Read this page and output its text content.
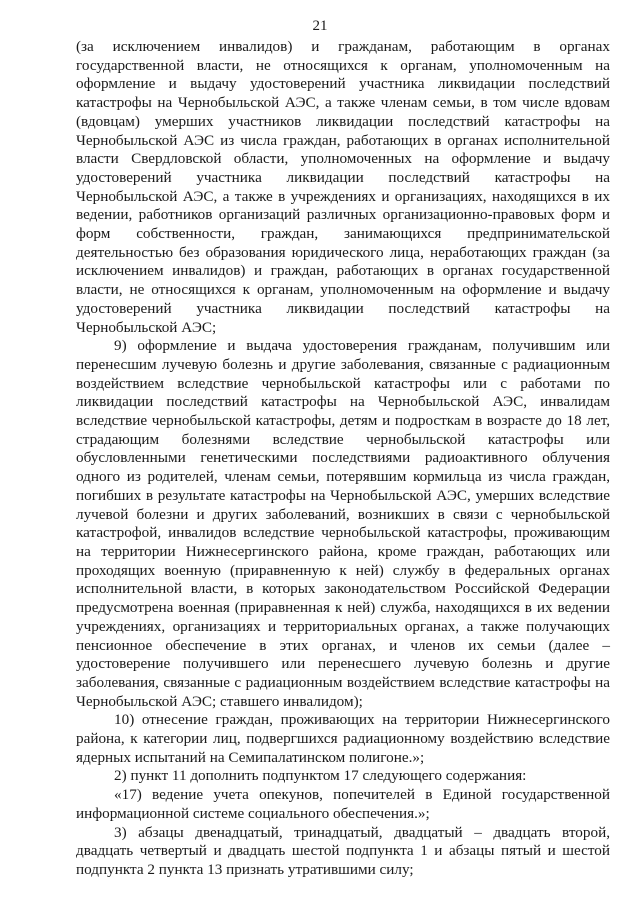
21

(за исключением инвалидов) и гражданам, работающим в органах государственной власти, не относящихся к органам, уполномоченным на оформление и выдачу удостоверений участника ликвидации последствий катастрофы на Чернобыльской АЭС, а также членам семьи, в том числе вдовам (вдовцам) умерших участников ликвидации последствий катастрофы на Чернобыльской АЭС из числа граждан, работающих в органах исполнительной власти Свердловской области, уполномоченных на оформление и выдачу удостоверений участника ликвидации последствий катастрофы на Чернобыльской АЭС, а также в учреждениях и организациях, находящихся в их ведении, работников организаций различных организационно-правовых форм и форм собственности, граждан, занимающихся предпринимательской деятельностью без образования юридического лица, неработающих граждан (за исключением инвалидов) и граждан, работающих в органах государственной власти, не относящихся к органам, уполномоченным на оформление и выдачу удостоверений участника ликвидации последствий катастрофы на Чернобыльской АЭС;

9) оформление и выдача удостоверения гражданам, получившим или перенесшим лучевую болезнь и другие заболевания, связанные с радиационным воздействием вследствие чернобыльской катастрофы или с работами по ликвидации последствий катастрофы на Чернобыльской АЭС, инвалидам вследствие чернобыльской катастрофы, детям и подросткам в возрасте до 18 лет, страдающим болезнями вследствие чернобыльской катастрофы или обусловленными генетическими последствиями радиоактивного облучения одного из родителей, членам семьи, потерявшим кормильца из числа граждан, погибших в результате катастрофы на Чернобыльской АЭС, умерших вследствие лучевой болезни и других заболеваний, возникших в связи с чернобыльской катастрофой, инвалидов вследствие чернобыльской катастрофы, проживающим на территории Нижнесергинского района, кроме граждан, работающих или проходящих военную (приравненную к ней) службу в федеральных органах исполнительной власти, в которых законодательством Российской Федерации предусмотрена военная (приравненная к ней) служба, находящихся в их ведении учреждениях, организациях и территориальных органах, а также получающих пенсионное обеспечение в этих органах, и членов их семьи (далее – удостоверение получившего или перенесшего лучевую болезнь и другие заболевания, связанные с радиационным воздействием вследствие катастрофы на Чернобыльской АЭС; ставшего инвалидом);

10) отнесение граждан, проживающих на территории Нижнесергинского района, к категории лиц, подвергшихся радиационному воздействию вследствие ядерных испытаний на Семипалатинском полигоне.»;

2) пункт 11 дополнить подпунктом 17 следующего содержания:

«17) ведение учета опекунов, попечителей в Единой государственной информационной системе социального обеспечения.»;

3) абзацы двенадцатый, тринадцатый, двадцатый – двадцать второй, двадцать четвертый и двадцать шестой подпункта 1 и абзацы пятый и шестой подпункта 2 пункта 13 признать утратившими силу;
